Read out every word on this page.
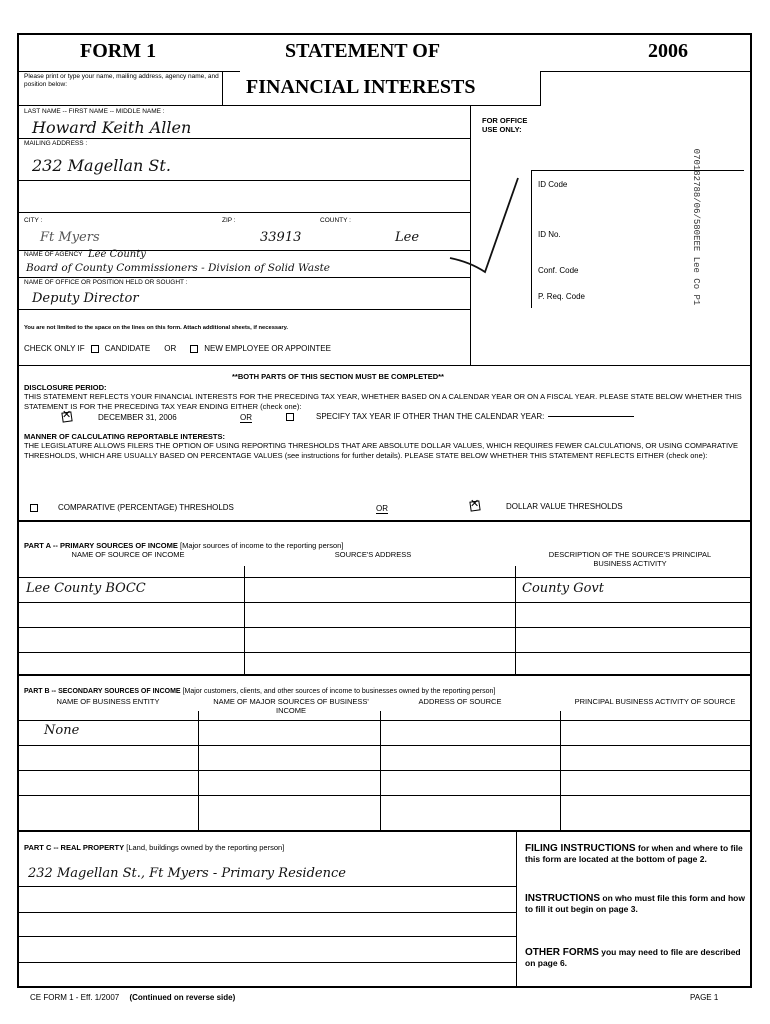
FORM 1	STATEMENT OF	2006
Please print or type your name, mailing address, agency name, and position below:	FINANCIAL INTERESTS
LAST NAME -- FIRST NAME -- MIDDLE NAME :
Howard Keith Allen
MAILING ADDRESS :
232 Magellan St.
CITY :	ZIP :	COUNTY :
Ft Myers	33913	Lee
NAME OF AGENCY Lee County
Board of County Commissioners - Division of Solid Waste
NAME OF OFFICE OR POSITION HELD OR SOUGHT :
Deputy Director
You are not limited to the space on the lines on this form. Attach additional sheets, if necessary.
CHECK ONLY IF	CANDIDATE OR	NEW EMPLOYEE OR APPOINTEE
FOR OFFICE USE ONLY:
ID Code
ID No.
Conf. Code
P. Req. Code	070182788/06/580EEE Lee Co P1
**BOTH PARTS OF THIS SECTION MUST BE COMPLETED**
DISCLOSURE PERIOD:
THIS STATEMENT REFLECTS YOUR FINANCIAL INTERESTS FOR THE PRECEDING TAX YEAR, WHETHER BASED ON A CALENDAR YEAR OR ON A FISCAL YEAR. PLEASE STATE BELOW WHETHER THIS STATEMENT IS FOR THE PRECEDING TAX YEAR ENDING EITHER (check one):
✕
DECEMBER 31, 2006	OR	SPECIFY TAX YEAR IF OTHER THAN THE CALENDAR YEAR:
MANNER OF CALCULATING REPORTABLE INTERESTS:
THE LEGISLATURE ALLOWS FILERS THE OPTION OF USING REPORTING THRESHOLDS THAT ARE ABSOLUTE DOLLAR VALUES, WHICH REQUIRES FEWER CALCULATIONS, OR USING COMPARATIVE THRESHOLDS, WHICH ARE USUALLY BASED ON PERCENTAGE VALUES (see instructions for further details). PLEASE STATE BELOW WHETHER THIS STATEMENT REFLECTS EITHER (check one):
COMPARATIVE (PERCENTAGE) THRESHOLDS	OR
✕	DOLLAR VALUE THRESHOLDS
PART A -- PRIMARY SOURCES OF INCOME [Major sources of income to the reporting person]
NAME OF SOURCE OF INCOME	SOURCE'S ADDRESS	DESCRIPTION OF THE SOURCE'S PRINCIPAL BUSINESS ACTIVITY
Lee County BOCC	County Govt
PART B -- SECONDARY SOURCES OF INCOME [Major customers, clients, and other sources of income to businesses owned by the reporting person]
NAME OF BUSINESS ENTITY	NAME OF MAJOR SOURCES OF BUSINESS' INCOME
ADDRESS OF SOURCE	PRINCIPAL BUSINESS ACTIVITY OF SOURCE
None
PART C -- REAL PROPERTY [Land, buildings owned by the reporting person]
232 Magellan St., Ft Myers - Primary Residence
FILING INSTRUCTIONS for when and where to file this form are located at the bottom of page 2.
INSTRUCTIONS on who must file this form and how to fill it out begin on page 3.
OTHER FORMS you may need to file are described on page 6.
CE FORM 1 - Eff. 1/2007 (Continued on reverse side)	PAGE 1
